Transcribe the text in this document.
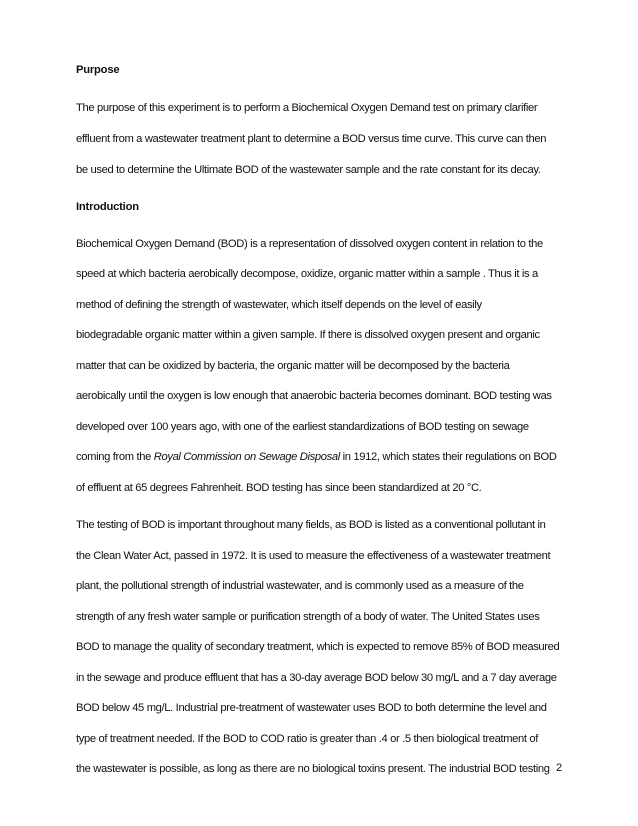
Purpose
The purpose of this experiment is to perform a Biochemical Oxygen Demand test on primary clarifier
effluent from a wastewater treatment plant to determine a BOD versus time curve. This curve can then
be used to determine the Ultimate BOD of the wastewater sample and the rate constant for its decay.
Introduction
Biochemical Oxygen Demand (BOD) is a representation of dissolved oxygen content in relation to the
speed at which bacteria aerobically decompose, oxidize, organic matter within a sample . Thus it is a
method of defining the strength of wastewater, which itself depends on the level of easily
biodegradable organic matter within a given sample. If there is dissolved oxygen present and organic
matter that can be oxidized by bacteria, the organic matter will be decomposed by the bacteria
aerobically until the oxygen is low enough that anaerobic bacteria becomes dominant. BOD testing was
developed over 100 years ago, with one of the earliest standardizations of BOD testing on sewage
coming from the Royal Commission on Sewage Disposal in 1912, which states their regulations on BOD
of effluent at 65 degrees Fahrenheit. BOD testing has since been standardized at 20 °C.
The testing of BOD is important throughout many fields, as BOD is listed as a conventional pollutant in
the Clean Water Act, passed in 1972. It is used to measure the effectiveness of a wastewater treatment
plant, the pollutional strength of industrial wastewater, and is commonly used as a measure of the
strength of any fresh water sample or purification strength of a body of water. The United States uses
BOD to manage the quality of secondary treatment, which is expected to remove 85% of BOD measured
in the sewage and produce effluent that has a 30-day average BOD below 30 mg/L and a 7 day average
BOD below 45 mg/L. Industrial pre-treatment of wastewater uses BOD to both determine the level and
type of treatment needed. If the BOD to COD ratio is greater than .4 or .5 then biological treatment of
the wastewater is possible, as long as there are no biological toxins present. The industrial BOD testing 2
